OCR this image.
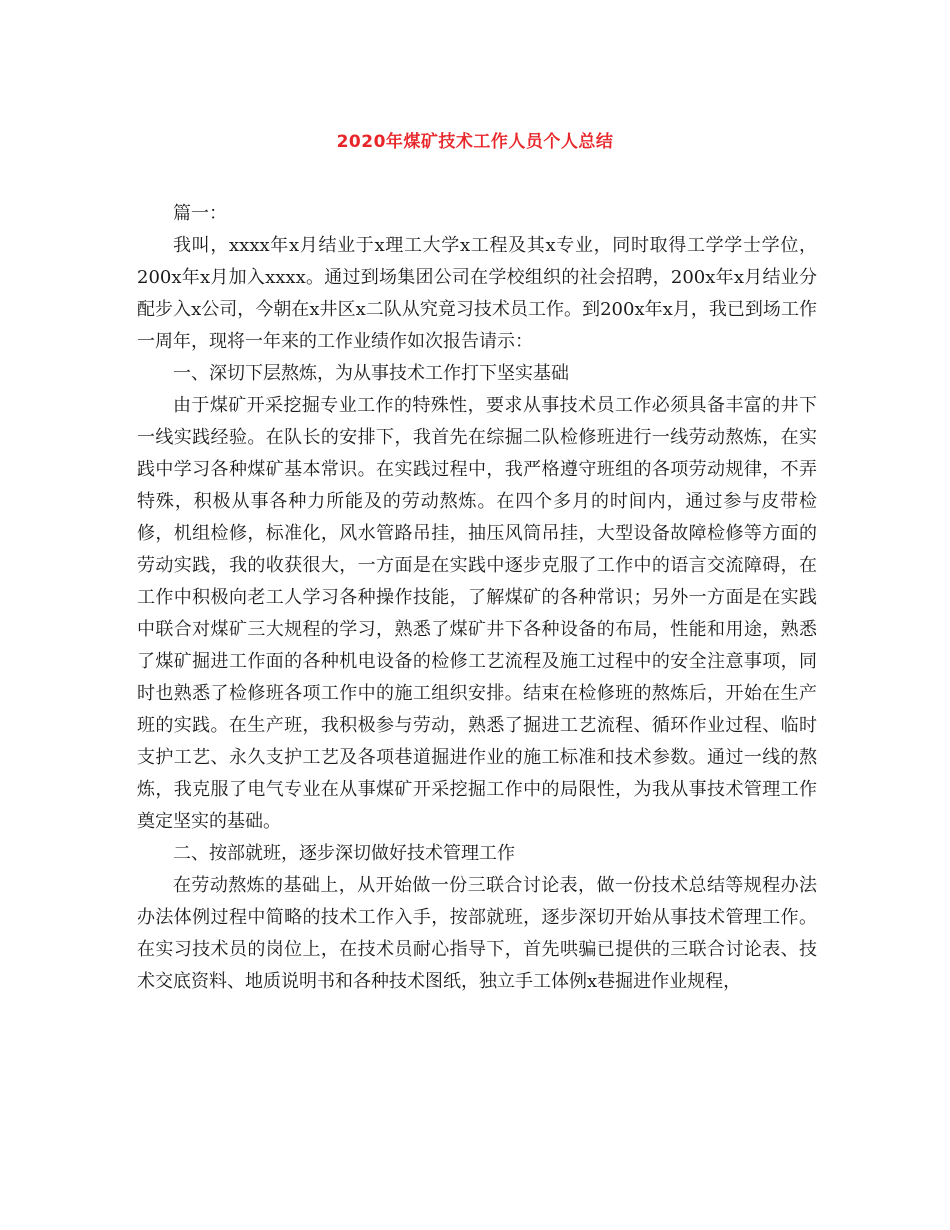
2020年煤矿技术工作人员个人总结

篇一：

我叫，xxxx年x月结业于x理工大学x工程及其x专业，同时取得工学学士学位，200x年x月加入xxxx。通过到场集团公司在学校组织的社会招聘，200x年x月结业分配步入x公司，今朝在x井区x二队从究竟习技术员工作。到200x年x月，我已到场工作一周年，现将一年来的工作业绩作如次报告请示：

一、深切下层熬炼，为从事技术工作打下坚实基础

由于煤矿开采挖掘专业工作的特殊性，要求从事技术员工作必须具备丰富的井下一线实践经验。在队长的安排下，我首先在综掘二队检修班进行一线劳动熬炼，在实践中学习各种煤矿基本常识。在实践过程中，我严格遵守班组的各项劳动规律，不弄特殊，积极从事各种力所能及的劳动熬炼。在四个多月的时间内，通过参与皮带检修，机组检修，标准化，风水管路吊挂，抽压风筒吊挂，大型设备故障检修等方面的劳动实践，我的收获很大，一方面是在实践中逐步克服了工作中的语言交流障碍，在工作中积极向老工人学习各种操作技能，了解煤矿的各种常识；另外一方面是在实践中联合对煤矿三大规程的学习，熟悉了煤矿井下各种设备的布局，性能和用途，熟悉了煤矿掘进工作面的各种机电设备的检修工艺流程及施工过程中的安全注意事项，同时也熟悉了检修班各项工作中的施工组织安排。结束在检修班的熬炼后，开始在生产班的实践。在生产班，我积极参与劳动，熟悉了掘进工艺流程、循环作业过程、临时支护工艺、永久支护工艺及各项巷道掘进作业的施工标准和技术参数。通过一线的熬炼，我克服了电气专业在从事煤矿开采挖掘工作中的局限性，为我从事技术管理工作奠定坚实的基础。

二、按部就班，逐步深切做好技术管理工作

在劳动熬炼的基础上，从开始做一份三联合讨论表，做一份技术总结等规程办法办法体例过程中简略的技术工作入手，按部就班，逐步深切开始从事技术管理工作。在实习技术员的岗位上，在技术员耐心指导下，首先哄骗已提供的三联合讨论表、技术交底资料、地质说明书和各种技术图纸，独立手工体例x巷掘进作业规程，
